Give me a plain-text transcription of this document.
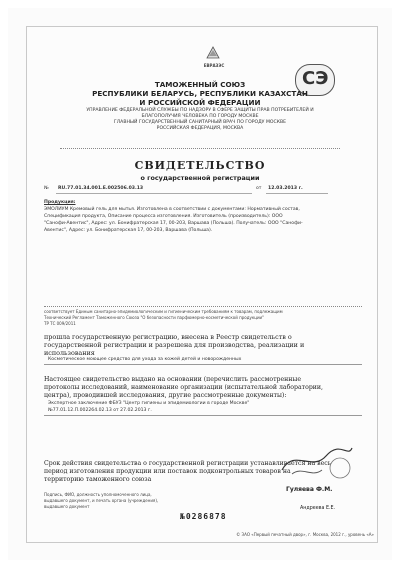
ЕВРАЗЭС
СЭ
ТАМОЖЕННЫЙ СОЮЗ
РЕСПУБЛИКИ БЕЛАРУСЬ, РЕСПУБЛИКИ КАЗАХСТАН
И РОССИЙСКОЙ ФЕДЕРАЦИИ
УПРАВЛЕНИЕ ФЕДЕРАЛЬНОЙ СЛУЖБЫ ПО НАДЗОРУ В СФЕРЕ ЗАЩИТЫ ПРАВ ПОТРЕБИТЕЛЕЙ И
БЛАГОПОЛУЧИЯ ЧЕЛОВЕКА ПО ГОРОДУ МОСКВЕ
ГЛАВНЫЙ ГОСУДАРСТВЕННЫЙ САНИТАРНЫЙ ВРАЧ ПО ГОРОДУ МОСКВЕ
РОССИЙСКАЯ ФЕДЕРАЦИЯ, МОСКВА
СВИДЕТЕЛЬСТВО
о государственной регистрации
№ RU.77.01.34.001.Е.002506.03.13	от 12.03.2013 г.
Продукция:
ЭМОЛИУМ Кремовый гель для мытья. Изготовлена в соответствии с документами: Нормативный состав,
Спецификация продукта, Описание процесса изготовления. Изготовитель (производитель): ООО
"Санофи-Авентис", Адрес: ул. Бонифратерская 17, 00-203, Варшава (Польша). Получатель: ООО "Санофи-
Авентис", Адрес: ул. Бонифратерская 17, 00-203, Варшава (Польша).
соответствует Единым санитарно-эпидемиологическим и гигиеническим требованиям к товарам, подлежащим
Технический Регламент Таможенного Союза "О безопасности парфюмерно-косметической продукции"
ТР ТС 009/2011
прошла государственную регистрацию, внесена в Реестр свидетельств о
государственной регистрации и разрешена для производства, реализации и
использования
Косметическое моющее средство для ухода за кожей детей и новорожденных
Настоящее свидетельство выдано на основании (перечислить рассмотренные
протоколы исследований, наименование организации (испытательной лаборатории,
центра), проводившей исследования, другие рассмотренные документы):
Экспертное заключение ФБУЗ "Центр гигиены и эпидемиологии в городе Москве"
№77.01.12.П.002264.02.13 от 27.02.2013 г.
Срок действия свидетельства о государственной регистрации устанавливается на весь
период изготовления продукции или поставок подконтрольных товаров на
территорию таможенного союза
Подпись, ФИО, должность уполномоченного лица,
выдавшего документ, и печать органа (учреждения),
выдавшего документ
Гуляева Ф.М.
Андреева Е.Е.
№0286878
© ЗАО «Первый печатный двор», г. Москва, 2012 г., уровень «А»
